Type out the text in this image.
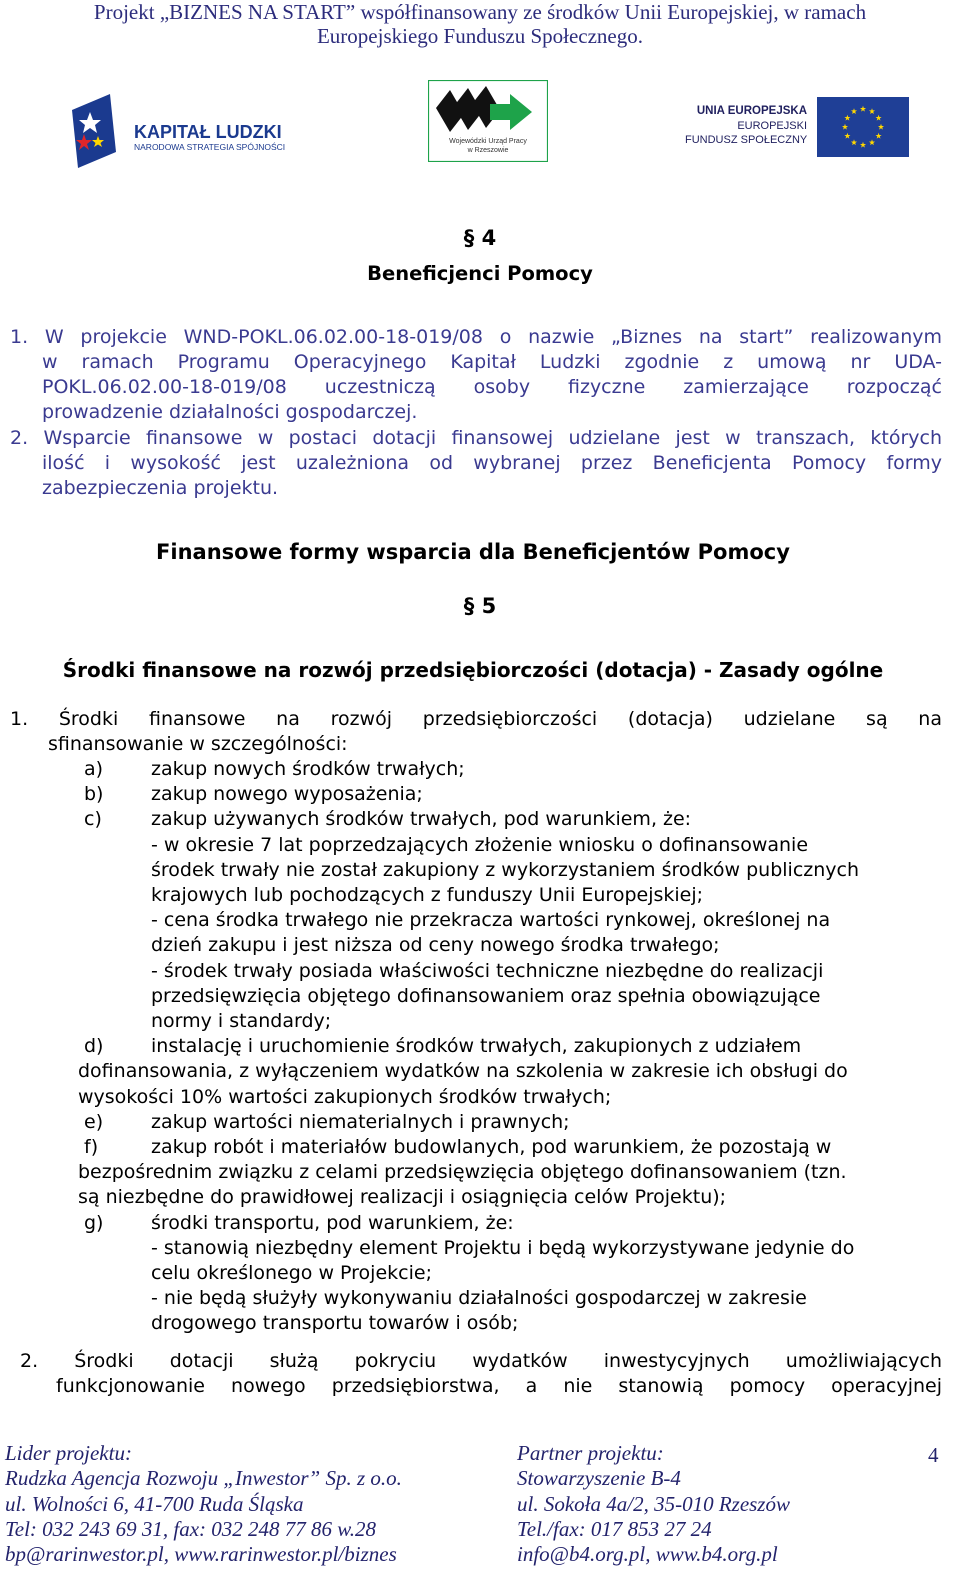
Projekt „BIZNES NA START” współfinansowany ze środków Unii Europejskiej, w ramach
Europejskiego Funduszu Społecznego.
KAPITAŁ LUDZKI
NARODOWA STRATEGIA SPÓJNOŚCI
Wojewódzki Urząd Pracy
w Rzeszowie
UNIA EUROPEJSKA
EUROPEJSKI
FUNDUSZ SPOŁECZNY
§ 4
Beneficjenci Pomocy
1. W projekcie WND-POKL.06.02.00-18-019/08 o nazwie „Biznes na start” realizowanym
w ramach Programu Operacyjnego Kapitał Ludzki zgodnie z umową nr UDA-
POKL.06.02.00-18-019/08 uczestniczą osoby fizyczne zamierzające rozpocząć
prowadzenie działalności gospodarczej.
2. Wsparcie finansowe w postaci dotacji finansowej udzielane jest w transzach, których
ilość i wysokość jest uzależniona od wybranej przez Beneficjenta Pomocy formy
zabezpieczenia projektu.
Finansowe formy wsparcia dla Beneficjentów Pomocy
§ 5
Środki finansowe na rozwój przedsiębiorczości (dotacja) - Zasady ogólne
1. Środki finansowe na rozwój przedsiębiorczości (dotacja) udzielane są na
sfinansowanie w szczególności:
a)	zakup nowych środków trwałych;
b)	zakup nowego wyposażenia;
c)	zakup używanych środków trwałych, pod warunkiem, że:
- w okresie 7 lat poprzedzających złożenie wniosku o dofinansowanie
środek trwały nie został zakupiony z wykorzystaniem środków publicznych
krajowych lub pochodzących z funduszy Unii Europejskiej;
- cena środka trwałego nie przekracza wartości rynkowej, określonej na
dzień zakupu i jest niższa od ceny nowego środka trwałego;
- środek trwały posiada właściwości techniczne niezbędne do realizacji
przedsięwzięcia objętego dofinansowaniem oraz spełnia obowiązujące
normy i standardy;
d)	instalację i uruchomienie środków trwałych, zakupionych z udziałem
dofinansowania, z wyłączeniem wydatków na szkolenia w zakresie ich obsługi do
wysokości 10% wartości zakupionych środków trwałych;
e)	zakup wartości niematerialnych i prawnych;
f)	zakup robót i materiałów budowlanych, pod warunkiem, że pozostają w
bezpośrednim związku z celami przedsięwzięcia objętego dofinansowaniem (tzn.
są niezbędne do prawidłowej realizacji i osiągnięcia celów Projektu);
g)	środki transportu, pod warunkiem, że:
- stanowią niezbędny element Projektu i będą wykorzystywane jedynie do
celu określonego w Projekcie;
- nie będą służyły wykonywaniu działalności gospodarczej w zakresie
drogowego transportu towarów i osób;
2. Środki dotacji służą pokryciu wydatków inwestycyjnych umożliwiających
funkcjonowanie nowego przedsiębiorstwa, a nie stanowią pomocy operacyjnej
Lider projektu:
Rudzka Agencja Rozwoju „Inwestor” Sp. z o.o.
ul. Wolności 6, 41-700 Ruda Śląska
Tel: 032 243 69 31, fax: 032 248 77 86 w.28
bp@rarinwestor.pl, www.rarinwestor.pl/biznes
Partner projektu:
Stowarzyszenie B-4
ul. Sokoła 4a/2, 35-010 Rzeszów
Tel./fax: 017 853 27 24
info@b4.org.pl, www.b4.org.pl
4
